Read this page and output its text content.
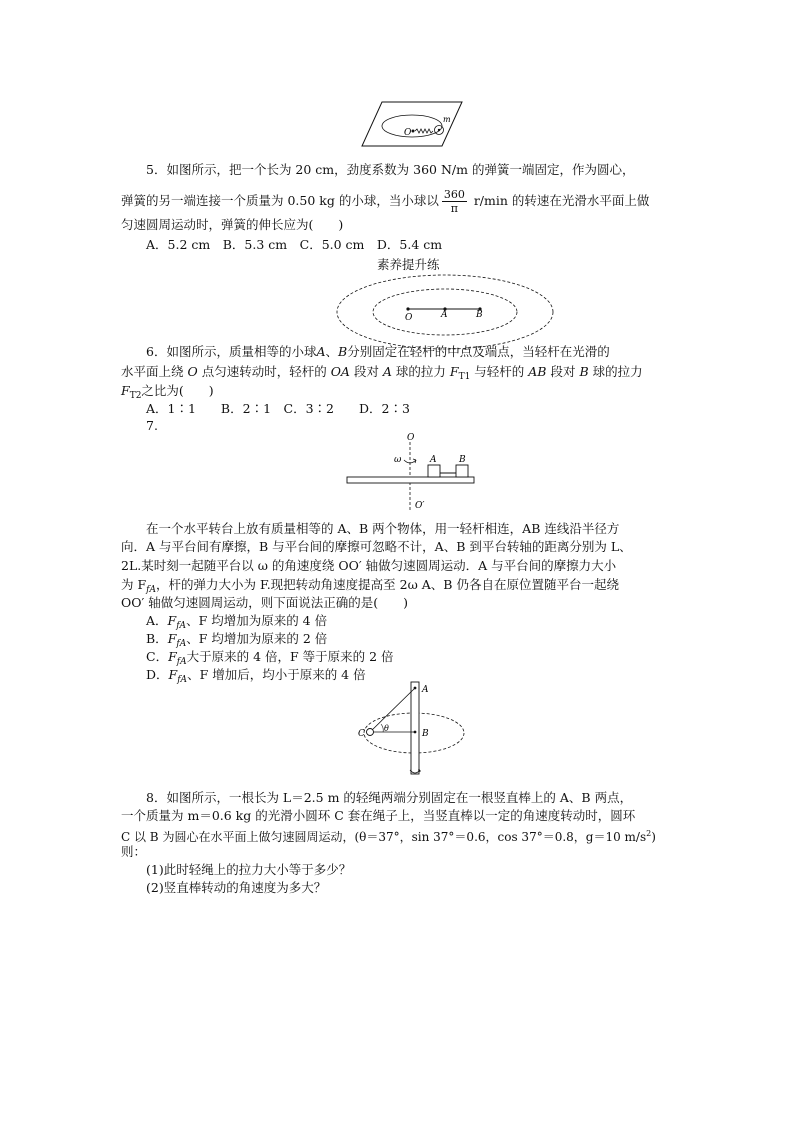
O
m
5．如图所示，把一个长为 20 cm，劲度系数为 360 N/m 的弹簧一端固定，作为圆心，
弹簧的另一端连接一个质量为 0.50 kg 的小球，当小球以 $\frac{360}{\pi} r/\min$ 的转速在光滑水平面上做
匀速圆周运动时，弹簧的伸长应为(　　)
A．5.2 cm　B．5.3 cm　C．5.0 cm　D．5.4 cm
素养提升练
O	A	B
6．如图所示，质量相等的小球A、B分别固定在轻杆的中点及端点，当轻杆在光滑的
水平面上绕 O 点匀速转动时，轻杆的 OA 段对 A 球的拉力 $F_{T1}$ 与轻杆的 AB 段对 B 球的拉力
$F_{T2}$之比为(　　)
A．1∶1　　B．2∶1　C．3∶2　　D．2∶3
7.
O
ω	A	B
O′
在一个水平转台上放有质量相等的 A、B 两个物体，用一轻杆相连，AB 连线沿半径方
向．A 与平台间有摩擦，B 与平台间的摩擦可忽略不计，A、B 到平台转轴的距离分别为 L、
2L.某时刻一起随平台以 ω 的角速度绕 OO′ 轴做匀速圆周运动．A 与平台间的摩擦力大小
为 $F_{fA}$，杆的弹力大小为 F.现把转动角速度提高至 2ω A、B 仍各自在原位置随平台一起绕
OO′ 轴做匀速圆周运动，则下面说法正确的是(　　)
A．$F_{fA}$、F 均增加为原来的 4 倍
B．$F_{fA}$、F 均增加为原来的 2 倍
C．$F_{fA}$大于原来的 4 倍，F 等于原来的 2 倍
D．$F_{fA}$、F 增加后，均小于原来的 4 倍
A
B
C
θ
8．如图所示，一根长为 L＝2.5 m 的轻绳两端分别固定在一根竖直棒上的 A、B 两点，
一个质量为 m＝0.6 kg 的光滑小圆环 C 套在绳子上，当竖直棒以一定的角速度转动时，圆环
C 以 B 为圆心在水平面上做匀速圆周运动，(θ＝37°，sin 37°＝0.6，cos 37°＝0.8，g＝10 $m/s^2$)
则：
(1)此时轻绳上的拉力大小等于多少？
(2)竖直棒转动的角速度为多大？
